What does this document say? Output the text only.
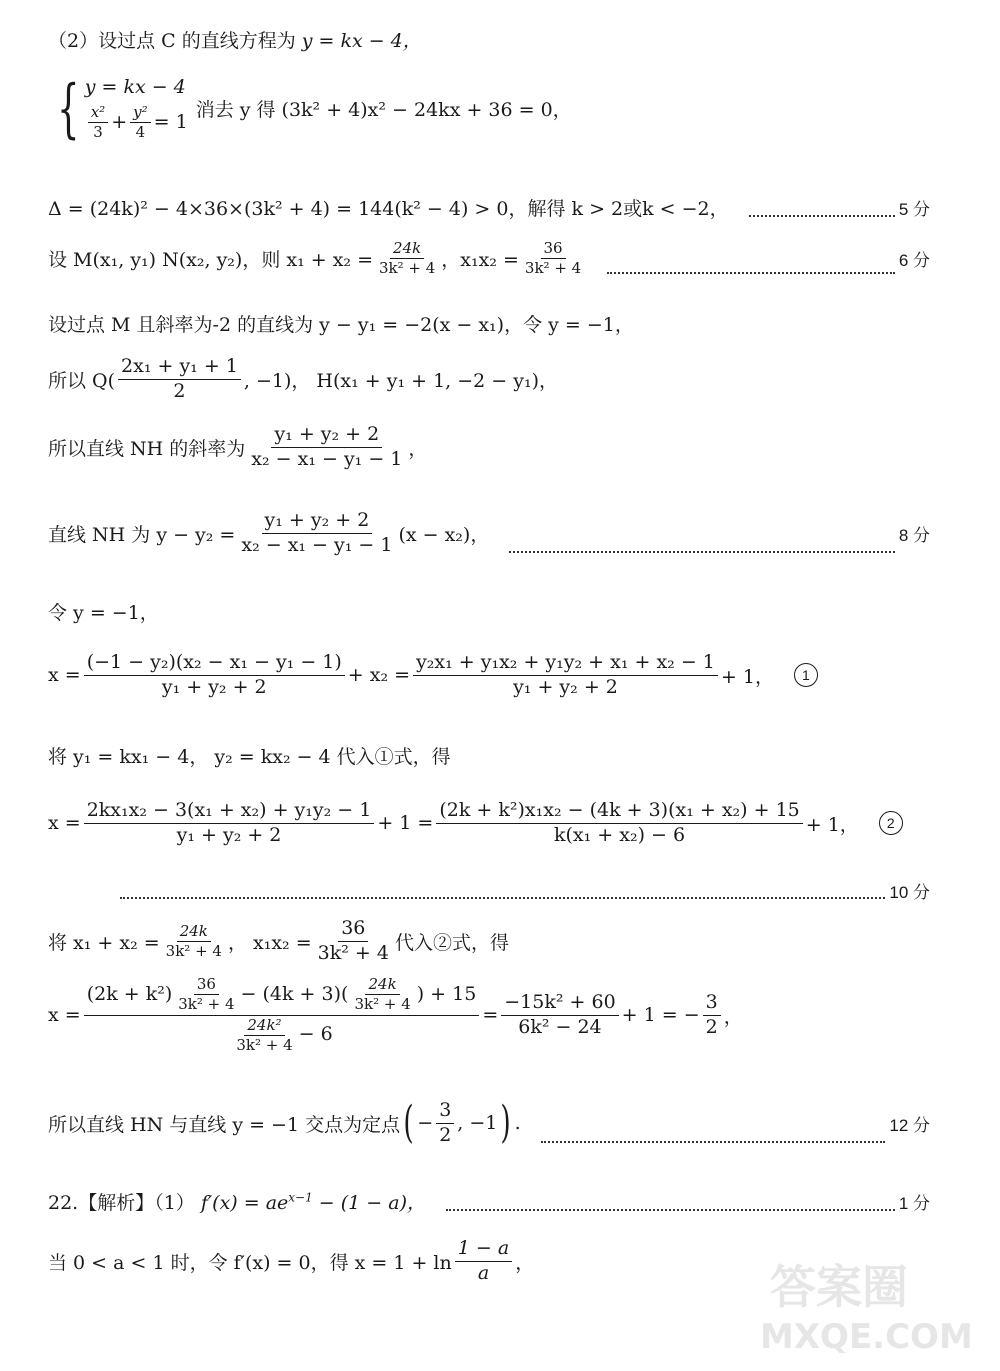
（2）设过点 C 的直线方程为 y = kx − 4，
{ y = kx − 4
$\frac{\text{x²}}{3} + \frac{\text{y²}}{4} = 1$
消去 y 得 (3k² + 4)x² − 24kx + 36 = 0，
Δ = (24k)² − 4×36×(3k² + 4) = 144(k² − 4) > 0，解得 k > 2或k < −2，	5 分
设 M(x₁, y₁) N(x₂, y₂)，则 $x_1 + x_2 = \frac{24k}{\text{3k² + 4}}$ ，$x_1x_2 = \frac{36}{\text{3k² + 4}}$	6 分
设过点 M 且斜率为-2 的直线为 y − y₁ = −2(x − x₁)，令 y = −1，
所以 $Q( \frac{\text{2x₁ + y₁ + 1}}{2}$ , −1)， H(x₁ + y₁ + 1, −2 − y₁)，
所以直线 NH 的斜率为 $\frac{\text{y₁ + y₂ + 2}}{\text{x₂ − x₁ − y₁ − 1}}$ ，
直线 NH 为 $y - y_2 = \frac{\text{y₁ + y₂ + 2}}{\text{x₂ − x₁ − y₁ − 1}} (x - x_2)$，	8 分
令 y = −1，
$x = \frac{\text{(−1 − y₂)(x₂ − x₁ − y₁ − 1)}}{\text{y₁ + y₂ + 2}} + x_2 = \frac{\text{y₂x₁ + y₁x₂ + y₁y₂ + x₁ + x₂ − 1}}{\text{y₁ + y₂ + 2}} + 1$，	1
将 y₁ = kx₁ − 4， y₂ = kx₂ − 4 代入①式，得
$x = \frac{\text{2kx₁x₂ − 3(x₁ + x₂) + y₁y₂ − 1}}{\text{y₁ + y₂ + 2}} + 1 = \frac{\text{(2k + k²)x₁x₂ − (4k + 3)(x₁ + x₂) + 15}}{\text{k(x₁ + x₂) − 6}} + 1$，	2
10 分
将 $x_1 + x_2 = \frac{24k}{\text{3k² + 4}}$ ， $x_1x_2 = \frac{36}{\text{3k² + 4}}$ 代入②式，得
x =
$(2k + k^2) \frac{36}{\text{3k² + 4}} - (4k + 3)( \frac{24k}{\text{3k² + 4}}$ ) + 15
$\frac{\text{24k²}}{\text{3k² + 4}} - 6$
= $\frac{\text{−15k² + 60}}{\text{6k² − 24}} + 1$ = − $\frac{3}{2}$ ，
所以直线 HN 与直线 y = −1 交点为定点 ( − $\frac{3}{2}$ , −1 ) .	12 分
22.【解析】（1） $f'(x) = ae^{x-1} - (1 - a)$，	1 分
当 0 < a < 1 时，令 f′(x) = 0，得 $x = 1 + \ln \frac{1 - a}{a}$ ，	答案圈
MXQE.COM
